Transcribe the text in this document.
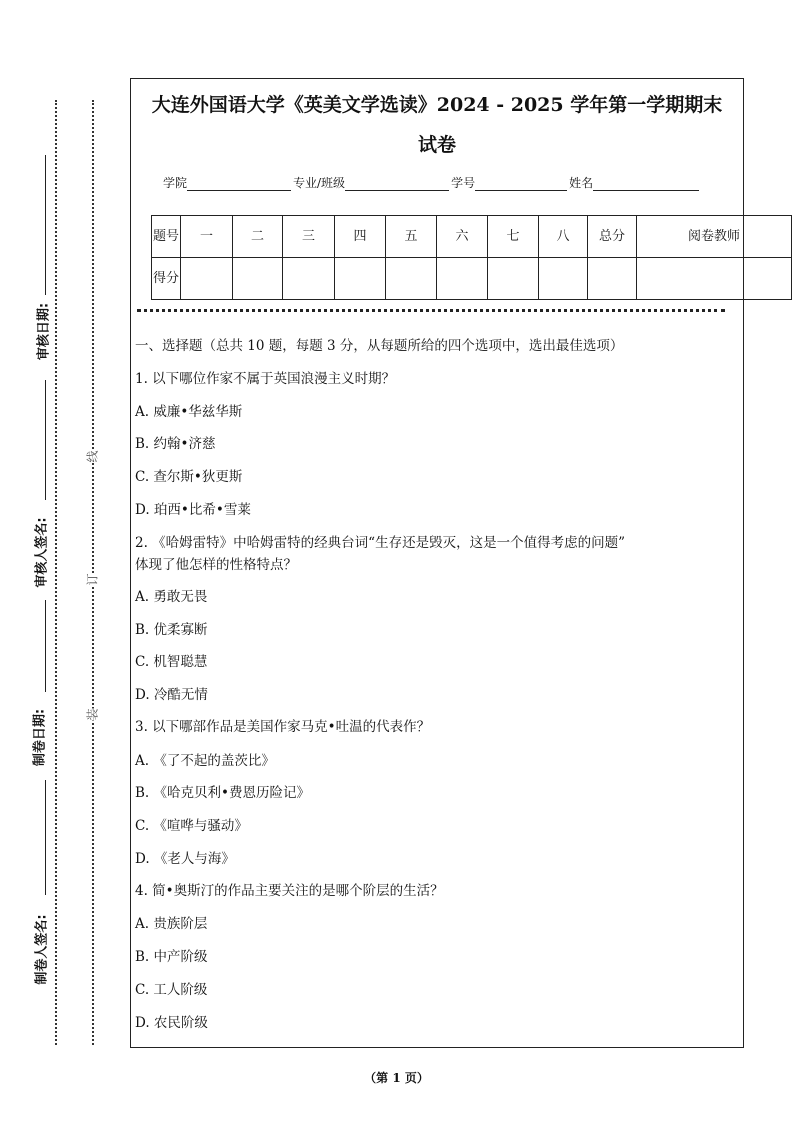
审核日期:
审核人签名:
制卷日期:
制卷人签名:
线
订
装
大连外国语大学《英美文学选读》2024 - 2025 学年第一学期期末
试卷
学院	专业/班级	学号	姓名
题号	一	二	三	四	五	六	七	八	总分	阅卷教师
得分										
一、选择题（总共 10 题，每题 3 分，从每题所给的四个选项中，选出最佳选项）
1. 以下哪位作家不属于英国浪漫主义时期？
A. 威廉•华兹华斯
B. 约翰•济慈
C. 查尔斯•狄更斯
D. 珀西•比希•雪莱
2. 《哈姆雷特》中哈姆雷特的经典台词“生存还是毁灭，这是一个值得考虑的问题”
体现了他怎样的性格特点？
A. 勇敢无畏
B. 优柔寡断
C. 机智聪慧
D. 冷酷无情
3. 以下哪部作品是美国作家马克•吐温的代表作？
A. 《了不起的盖茨比》
B. 《哈克贝利•费恩历险记》
C. 《喧哗与骚动》
D. 《老人与海》
4. 简•奥斯汀的作品主要关注的是哪个阶层的生活？
A. 贵族阶层
B. 中产阶级
C. 工人阶级
D. 农民阶级
（第 1 页）
